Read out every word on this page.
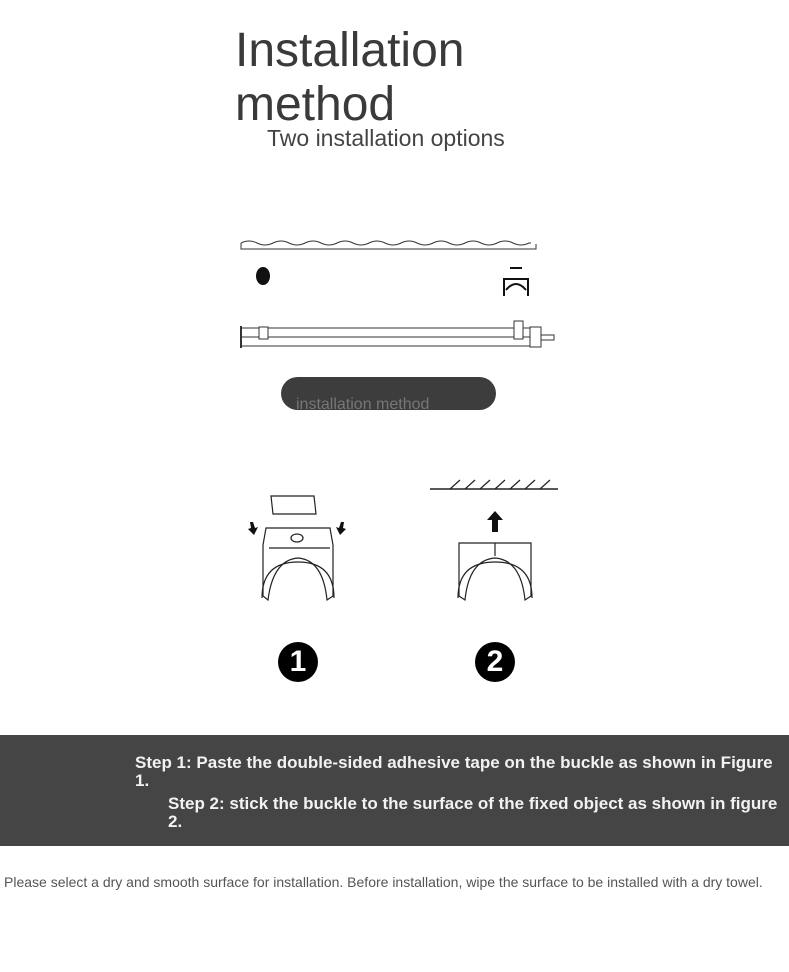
Installation method
Two installation options
installation method
1	2
Step 1: Paste the double-sided adhesive tape on the buckle as shown in Figure 1.
Step 2: stick the buckle to the surface of the fixed object as shown in figure 2.
Please select a dry and smooth surface for installation. Before installation, wipe the surface to be installed with a dry towel.
